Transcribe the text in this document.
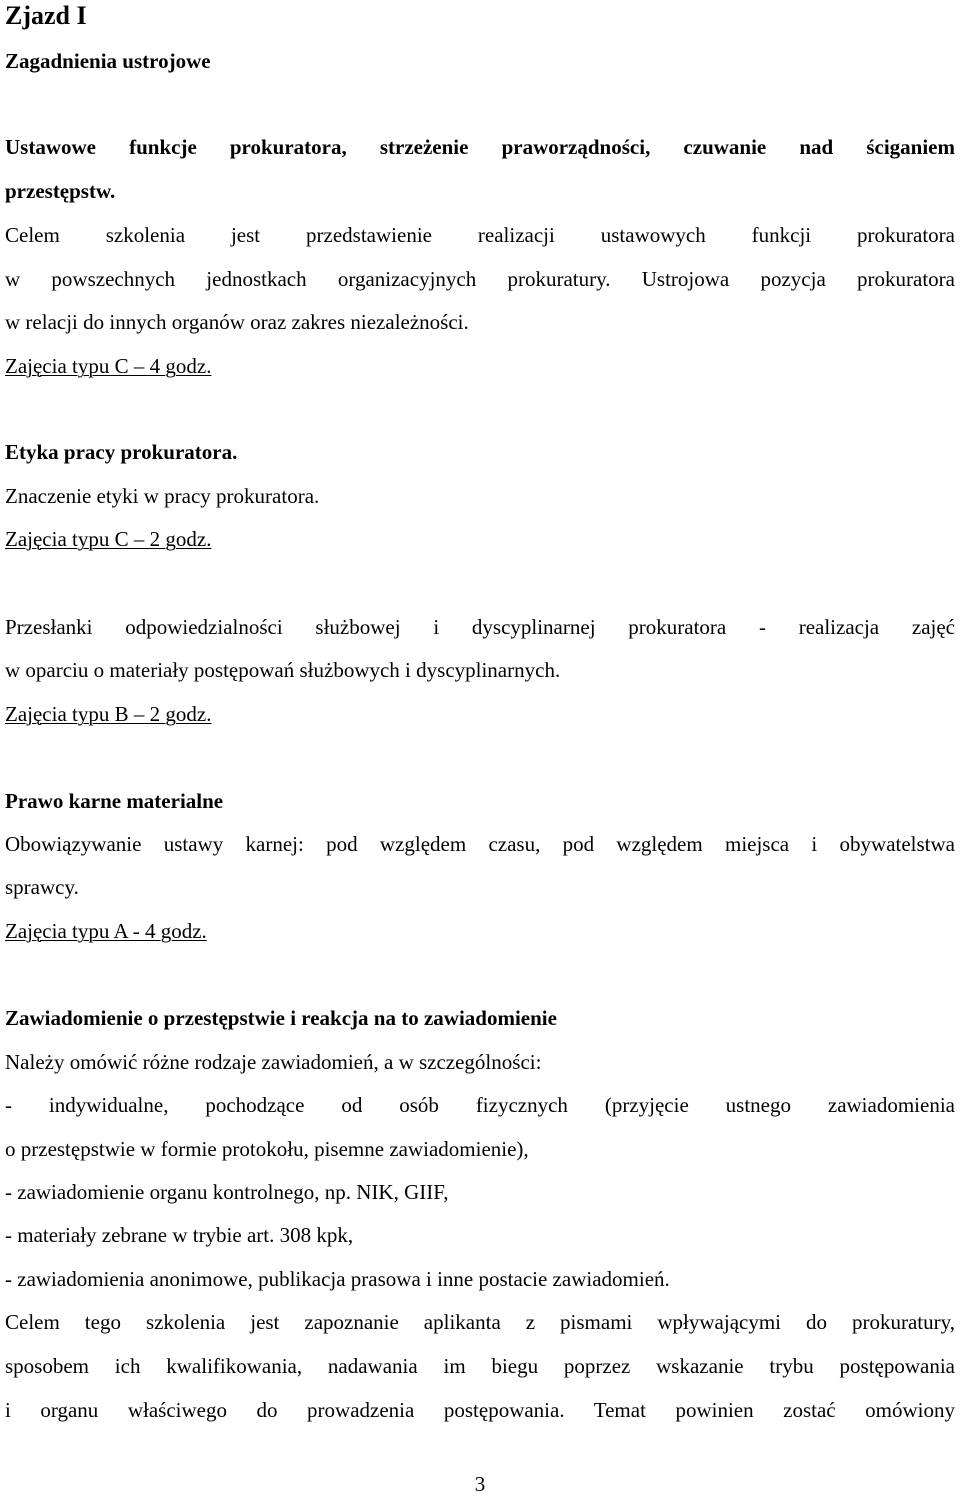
Zjazd I
Zagadnienia ustrojowe
Ustawowe funkcje prokuratora, strzeżenie praworządności, czuwanie nad ściganiem
przestępstw.
Celem szkolenia jest przedstawienie realizacji ustawowych funkcji prokuratora
w powszechnych jednostkach organizacyjnych prokuratury. Ustrojowa pozycja prokuratora
w relacji do innych organów oraz zakres niezależności.
Zajęcia typu C – 4 godz.
Etyka pracy prokuratora.
Znaczenie etyki w pracy prokuratora.
Zajęcia typu C – 2 godz.
Przesłanki odpowiedzialności służbowej i dyscyplinarnej prokuratora - realizacja zajęć
w oparciu o materiały postępowań służbowych i dyscyplinarnych.
Zajęcia typu B – 2 godz.
Prawo karne materialne
Obowiązywanie ustawy karnej: pod względem czasu, pod względem miejsca i obywatelstwa
sprawcy.
Zajęcia typu A - 4 godz.
Zawiadomienie o przestępstwie i reakcja na to zawiadomienie
Należy omówić różne rodzaje zawiadomień, a w szczególności:
- indywidualne, pochodzące od osób fizycznych (przyjęcie ustnego zawiadomienia
o przestępstwie w formie protokołu, pisemne zawiadomienie),
- zawiadomienie organu kontrolnego, np. NIK, GIIF,
- materiały zebrane w trybie art. 308 kpk,
- zawiadomienia anonimowe, publikacja prasowa i inne postacie zawiadomień.
Celem tego szkolenia jest zapoznanie aplikanta z pismami wpływającymi do prokuratury,
sposobem ich kwalifikowania, nadawania im biegu poprzez wskazanie trybu postępowania
i organu właściwego do prowadzenia postępowania. Temat powinien zostać omówiony
3
